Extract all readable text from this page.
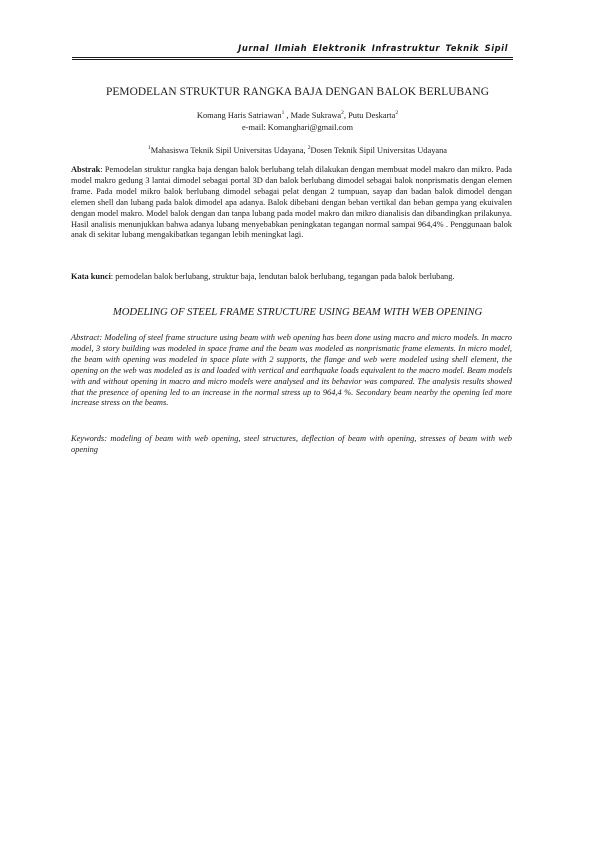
Jurnal Ilmiah Elektronik Infrastruktur Teknik Sipil
PEMODELAN STRUKTUR RANGKA BAJA DENGAN BALOK BERLUBANG
Komang Haris Satriawan$^1$ , Made Sukrawa$^2$, Putu Deskarta$^2$
e-mail: Komanghari@gmail.com
$^1$Mahasiswa Teknik Sipil Universitas Udayana, $^2$Dosen Teknik Sipil Universitas Udayana
Abstrak: Pemodelan struktur rangka baja dengan balok berlubang telah dilakukan dengan membuat model makro dan mikro. Pada model makro gedung 3 lantai dimodel sebagai portal 3D dan balok berlubang dimodel sebagai balok nonprismatis dengan elemen frame. Pada model mikro balok berlubang dimodel sebagai pelat dengan 2 tumpuan, sayap dan badan balok dimodel dengan elemen shell dan lubang pada balok dimodel apa adanya. Balok dibebani dengan beban vertikal dan beban gempa yang ekuivalen dengan model makro. Model balok dengan dan tanpa lubang pada model makro dan mikro dianalisis dan dibandingkan prilakunya. Hasil analisis menunjukkan bahwa adanya lubang menyebabkan peningkatan tegangan normal sampai 964,4% . Penggunaan balok anak di sekitar lubang mengakibatkan tegangan lebih meningkat lagi.
Kata kunci: pemodelan balok berlubang, struktur baja, lendutan balok berlubang, tegangan pada balok berlubang.
MODELING OF STEEL FRAME STRUCTURE USING BEAM WITH WEB OPENING
Abstract: Modeling of steel frame structure using beam with web opening has been done using macro and micro models. In macro model, 3 story building was modeled in space frame and the beam was modeled as nonprismatic frame elements. In micro model, the beam with opening was modeled in space plate with 2 supports, the flange and web were modeled using shell element, the opening on the web was modeled as is and loaded with vertical and earthquake loads equivalent to the macro model. Beam models with and without opening in macro and micro models were analysed and its behavior was compared. The analysis results showed that the presence of opening led to an increase in the normal stress up to 964,4 %. Secondary beam nearby the opening led more increase stress on the beams.
Keywords: modeling of beam with web opening, steel structures, deflection of beam with opening, stresses of beam with web opening
